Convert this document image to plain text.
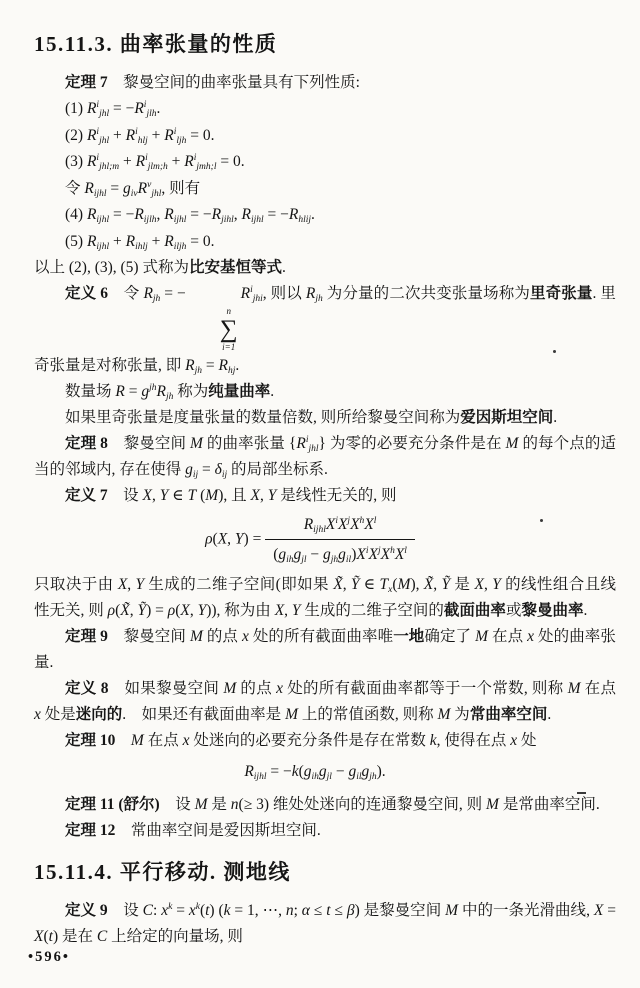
15.11.3. 曲率张量的性质

定理 7　黎曼空间的曲率张量具有下列性质:

(1) $R^i_{jhl} = -R^i_{jlh}$.
(2) $R^i_{jhl} + R^i_{hlj} + R^i_{ljh} = 0$.
(3) $R^i_{jhl;m} + R^i_{jlm;h} + R^i_{jmh;l} = 0$.
令 $R_{ijhl} = g_{iv}R^v_{jhl}$, 则有
(4) $R_{ijhl} = -R_{ijlh}$, $R_{ijhl} = -R_{jihl}$, $R_{ijhl} = -R_{hlij}$.
(5) $R_{ijhl} + R_{ihlj} + R_{iljh} = 0$.

以上 (2), (3), (5) 式称为比安基恒等式.

定义 6　令 $R_{jh}$ = −
n
∑
i=1
$R^i_{jhi}$, 则以 $R_{jh}$ 为分量的二次共变张量场称为里奇张量. 里奇张量是对称张量, 即 $R_{jh} = R_{hj}$.

数量场 $R = g^{jh}R_{jh}$ 称为纯量曲率.

如果里奇张量是度量张量的数量倍数, 则所给黎曼空间称为爱因斯坦空间.

定理 8　黎曼空间 M 的曲率张量 $\{R^i_{jhl}\}$ 为零的必要充分条件是在 M 的每个点的适当的邻域内, 存在使得 $g_{ij} = \delta_{ij}$ 的局部坐标系.

定义 7　设 X, Y ∈ T (M), 且 X, Y 是线性无关的, 则

ρ(X, $Y) = \frac{R_{ijhl}X^iX^jX^hX^l}{(g_{ih}g_{jl} - g_{jh}g_{il})X^iX^jX^hX^l}$

只取决于由 X, Y 生成的二维子空间(即如果 X̃, Ỹ ∈ $T_x(M)$, X̃, Ỹ 是 X, Y 的线性组合且线性无关, 则 ρ(X̃, Ỹ) = ρ(X, Y)), 称为由 X, Y 生成的二维子空间的截面曲率或黎曼曲率.

定理 9　黎曼空间 M 的点 x 处的所有截面曲率唯一地确定了 M 在点 x 处的曲率张量.

定义 8　如果黎曼空间 M 的点 x 处的所有截面曲率都等于一个常数, 则称 M 在点 x 处是迷向的.　如果还有截面曲率是 M 上的常值函数, 则称 M 为常曲率空间.

定理 10　 M 在点 x 处迷向的必要充分条件是存在常数 k, 使得在点 x 处

$R_{ijhl} = -k(g_{ih}g_{jl} - g_{il}g_{jh})$.

定理 11 (舒尔)　设 M 是 n(≥ 3) 维处处迷向的连通黎曼空间, 则 M 是常曲率空间.

定理 12　常曲率空间是爱因斯坦空间.

15.11.4. 平行移动. 测地线

定义 9　设 C: $x^k = x^k(t) (k = 1$, ⋯, n; α ≤ t ≤ β) 是黎曼空间 M 中的一条光滑曲线, X = X(t) 是在 C 上给定的向量场, 则

•596•
